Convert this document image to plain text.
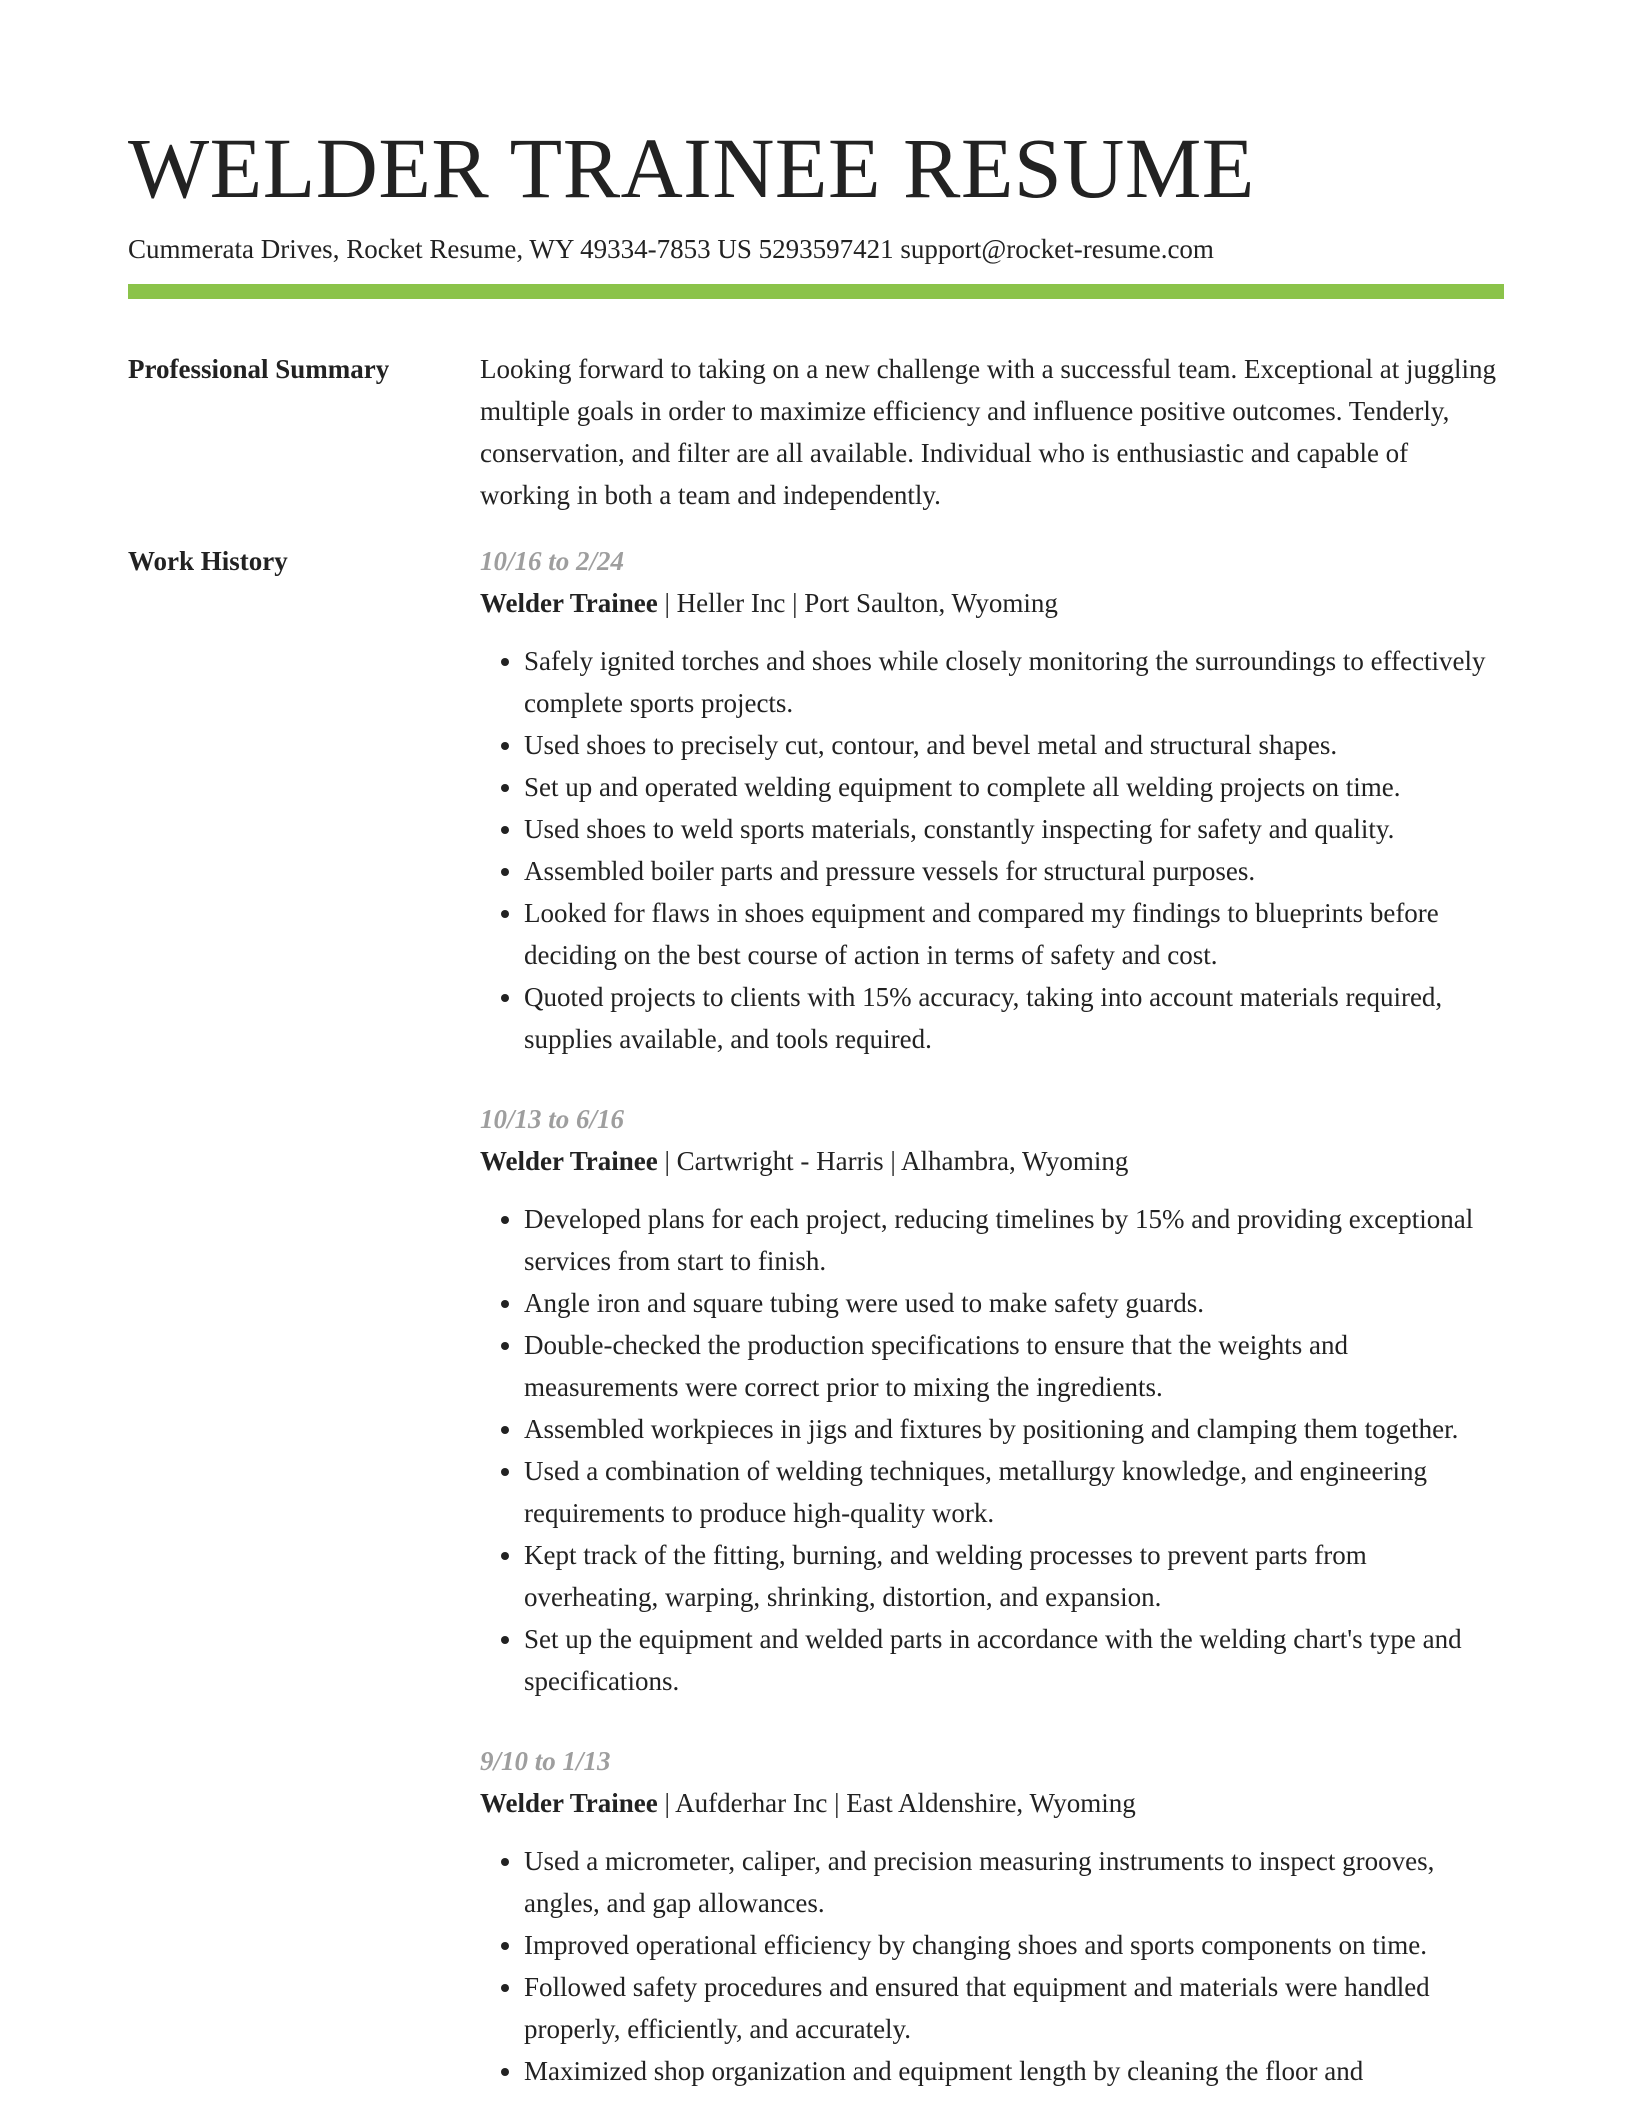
WELDER TRAINEE RESUME
Cummerata Drives, Rocket Resume, WY 49334-7853 US 5293597421 support@rocket-resume.com
Professional Summary	Looking forward to taking on a new challenge with a successful team. Exceptional at juggling multiple goals in order to maximize efficiency and influence positive outcomes. Tenderly, conservation, and filter are all available. Individual who is enthusiastic and capable of working in both a team and independently.

Work History	10/16 to 2/24
Welder Trainee | Heller Inc | Port Saulton, Wyoming
• Safely ignited torches and shoes while closely monitoring the surroundings to effectively complete sports projects.
• Used shoes to precisely cut, contour, and bevel metal and structural shapes.
• Set up and operated welding equipment to complete all welding projects on time.
• Used shoes to weld sports materials, constantly inspecting for safety and quality.
• Assembled boiler parts and pressure vessels for structural purposes.
• Looked for flaws in shoes equipment and compared my findings to blueprints before deciding on the best course of action in terms of safety and cost.
• Quoted projects to clients with 15% accuracy, taking into account materials required, supplies available, and tools required.
10/13 to 6/16
Welder Trainee | Cartwright - Harris | Alhambra, Wyoming
• Developed plans for each project, reducing timelines by 15% and providing exceptional services from start to finish.
• Angle iron and square tubing were used to make safety guards.
• Double-checked the production specifications to ensure that the weights and measurements were correct prior to mixing the ingredients.
• Assembled workpieces in jigs and fixtures by positioning and clamping them together.
• Used a combination of welding techniques, metallurgy knowledge, and engineering requirements to produce high-quality work.
• Kept track of the fitting, burning, and welding processes to prevent parts from overheating, warping, shrinking, distortion, and expansion.
• Set up the equipment and welded parts in accordance with the welding chart's type and specifications.
9/10 to 1/13
Welder Trainee | Aufderhar Inc | East Aldenshire, Wyoming
• Used a micrometer, caliper, and precision measuring instruments to inspect grooves, angles, and gap allowances.
• Improved operational efficiency by changing shoes and sports components on time.
• Followed safety procedures and ensured that equipment and materials were handled properly, efficiently, and accurately.
• Maximized shop organization and equipment length by cleaning the floor and
